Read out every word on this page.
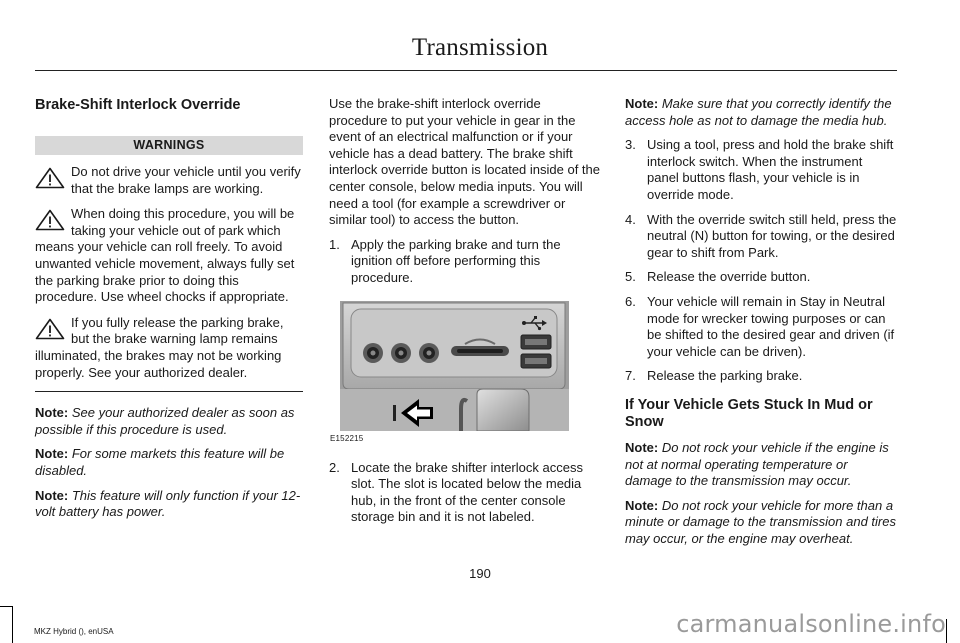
Transmission
Brake-Shift Interlock Override
WARNINGS

Do not drive your vehicle until you verify that the brake lamps are working.

When doing this procedure, you will be taking your vehicle out of park which means your vehicle can roll freely. To avoid unwanted vehicle movement, always fully set the parking brake prior to doing this procedure. Use wheel chocks if appropriate.

If you fully release the parking brake, but the brake warning lamp remains illuminated, the brakes may not be working properly. See your authorized dealer.

Note: See your authorized dealer as soon as possible if this procedure is used.

Note: For some markets this feature will be disabled.

Note: This feature will only function if your 12-volt battery has power.

Use the brake-shift interlock override procedure to put your vehicle in gear in the event of an electrical malfunction or if your vehicle has a dead battery. The brake shift interlock override button is located inside of the center console, below media inputs. You will need a tool (for example a screwdriver or similar tool) to access the button.

1. Apply the parking brake and turn the ignition off before performing this procedure.
E152215
2. Locate the brake shifter interlock access slot. The slot is located below the media hub, in the front of the center console storage bin and it is not labeled.

Note: Make sure that you correctly identify the access hole as not to damage the media hub.

3. Using a tool, press and hold the brake shift interlock switch. When the instrument panel buttons flash, your vehicle is in override mode.
4. With the override switch still held, press the neutral (N) button for towing, or the desired gear to shift from Park.
5. Release the override button.
6. Your vehicle will remain in Stay in Neutral mode for wrecker towing purposes or can be shifted to the desired gear and driven (if your vehicle can be driven).
7. Release the parking brake.
If Your Vehicle Gets Stuck In Mud or Snow

Note: Do not rock your vehicle if the engine is not at normal operating temperature or damage to the transmission may occur.

Note: Do not rock your vehicle for more than a minute or damage to the transmission and tires may occur, or the engine may overheat.

190
MKZ Hybrid (), enUSA	carmanualsonline.info
